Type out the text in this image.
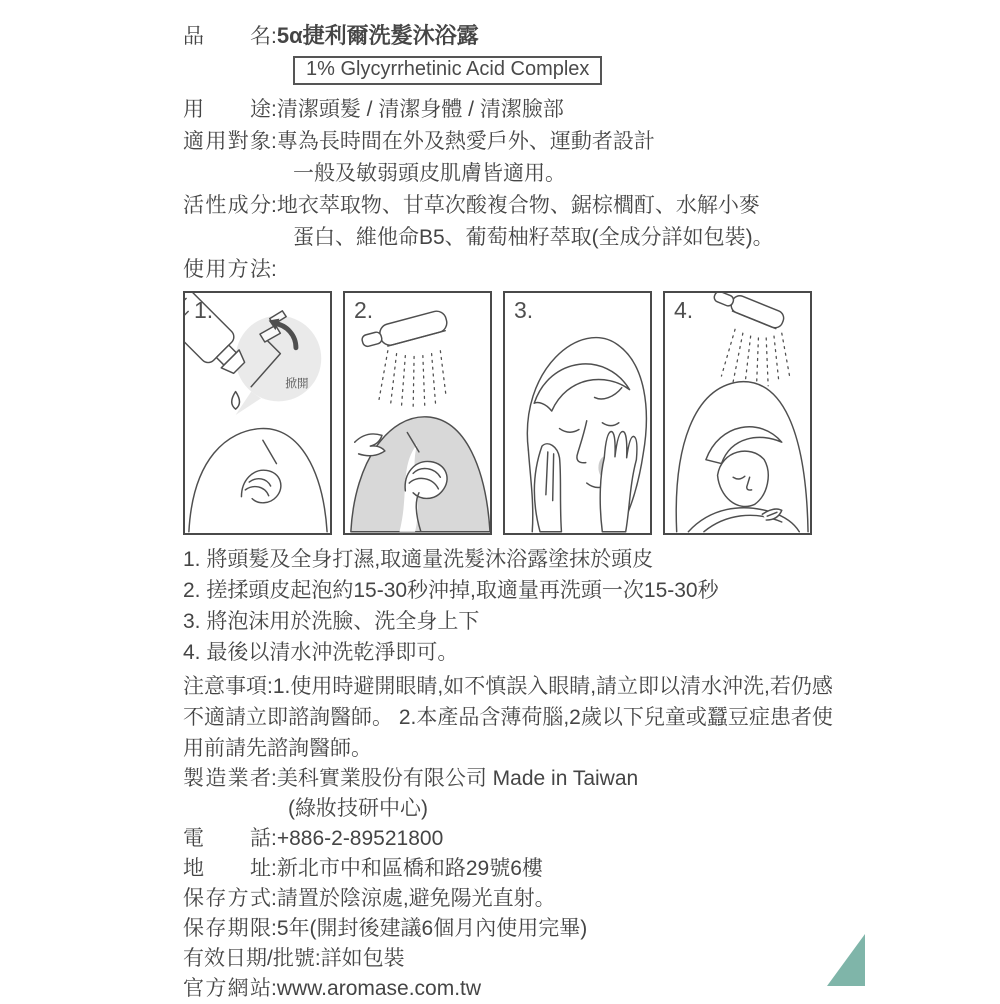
品名 : 5α捷利爾洗髮沐浴露
1% Glycyrrhetinic Acid Complex
用途 : 清潔頭髮 / 清潔身體 / 清潔臉部
適用對象 : 專為長時間在外及熱愛戶外、運動者設計
一般及敏弱頭皮肌膚皆適用。
活性成分 : 地衣萃取物、甘草次酸複合物、鋸棕櫚酊、水解小麥
蛋白、維他命B5、葡萄柚籽萃取(全成分詳如包裝)。
使用方法 :
掀開
1.	2.	3.	4.
1. 將頭髮及全身打濕,取適量洗髮沐浴露塗抹於頭皮
2. 搓揉頭皮起泡約15-30秒沖掉,取適量再洗頭一次15-30秒
3. 將泡沫用於洗臉、洗全身上下
4. 最後以清水沖洗乾淨即可。

注意事項:1.使用時避開眼睛,如不慎誤入眼睛,請立即以清水沖洗,若仍感不適請立即諮詢醫師。 2.本產品含薄荷腦,2歲以下兒童或蠶豆症患者使用前請先諮詢醫師。

製造業者 : 美科實業股份有限公司 Made in Taiwan
(綠妝技研中心)
電話 : +886-2-89521800
地址 : 新北市中和區橋和路29號6樓
保存方式 : 請置於陰涼處,避免陽光直射。
保存期限 : 5年(開封後建議6個月內使用完畢)
有效日期/批號 : 詳如包裝
官方網站 : www.aromase.com.tw
